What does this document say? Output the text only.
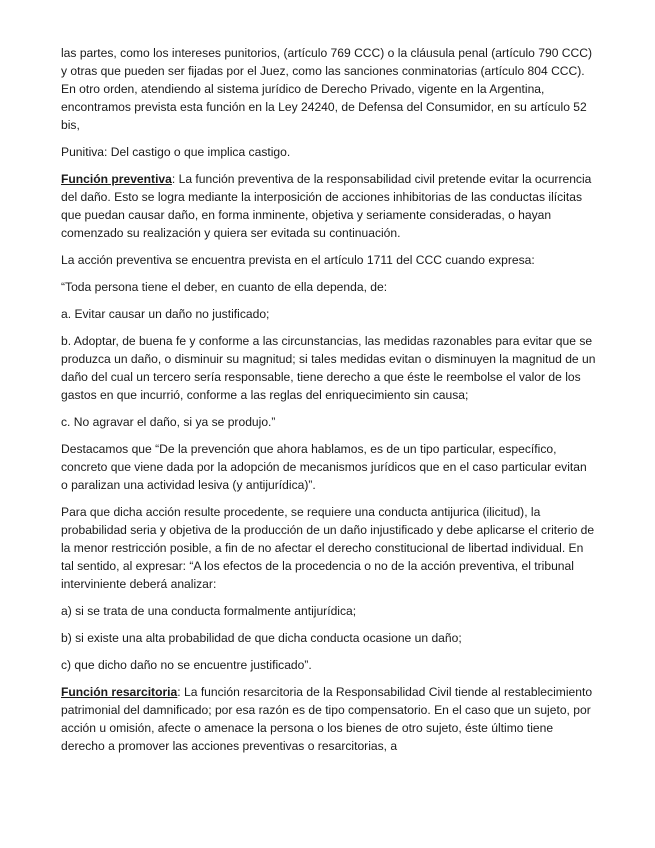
las partes, como los intereses punitorios, (artículo 769 CCC) o la cláusula penal (artículo 790 CCC) y otras que pueden ser fijadas por el Juez, como las sanciones conminatorias (artículo 804 CCC). En otro orden, atendiendo al sistema jurídico de Derecho Privado, vigente en la Argentina, encontramos prevista esta función en la Ley 24240, de Defensa del Consumidor, en su artículo 52 bis,

Punitiva: Del castigo o que implica castigo.

Función preventiva: La función preventiva de la responsabilidad civil pretende evitar la ocurrencia del daño. Esto se logra mediante la interposición de acciones inhibitorias de las conductas ilícitas que puedan causar daño, en forma inminente, objetiva y seriamente consideradas, o hayan comenzado su realización y quiera ser evitada su continuación.

La acción preventiva se encuentra prevista en el artículo 1711 del CCC cuando expresa:

“Toda persona tiene el deber, en cuanto de ella dependa, de:

a. Evitar causar un daño no justificado;

b. Adoptar, de buena fe y conforme a las circunstancias, las medidas razonables para evitar que se produzca un daño, o disminuir su magnitud; si tales medidas evitan o disminuyen la magnitud de un daño del cual un tercero sería responsable, tiene derecho a que éste le reembolse el valor de los gastos en que incurrió, conforme a las reglas del enriquecimiento sin causa;

c. No agravar el daño, si ya se produjo.”

Destacamos que “De la prevención que ahora hablamos, es de un tipo particular, específico, concreto que viene dada por la adopción de mecanismos jurídicos que en el caso particular evitan o paralizan una actividad lesiva (y antijurídica)”.

Para que dicha acción resulte procedente, se requiere una conducta antijurica (ilicitud), la probabilidad seria y objetiva de la producción de un daño injustificado y debe aplicarse el criterio de la menor restricción posible, a fin de no afectar el derecho constitucional de libertad individual. En tal sentido, al expresar: “A los efectos de la procedencia o no de la acción preventiva, el tribunal interviniente deberá analizar:

a) si se trata de una conducta formalmente antijurídica;

b) si existe una alta probabilidad de que dicha conducta ocasione un daño;

c) que dicho daño no se encuentre justificado”.

Función resarcitoria: La función resarcitoria de la Responsabilidad Civil tiende al restablecimiento patrimonial del damnificado; por esa razón es de tipo compensatorio. En el caso que un sujeto, por acción u omisión, afecte o amenace la persona o los bienes de otro sujeto, éste último tiene derecho a promover las acciones preventivas o resarcitorias, a
